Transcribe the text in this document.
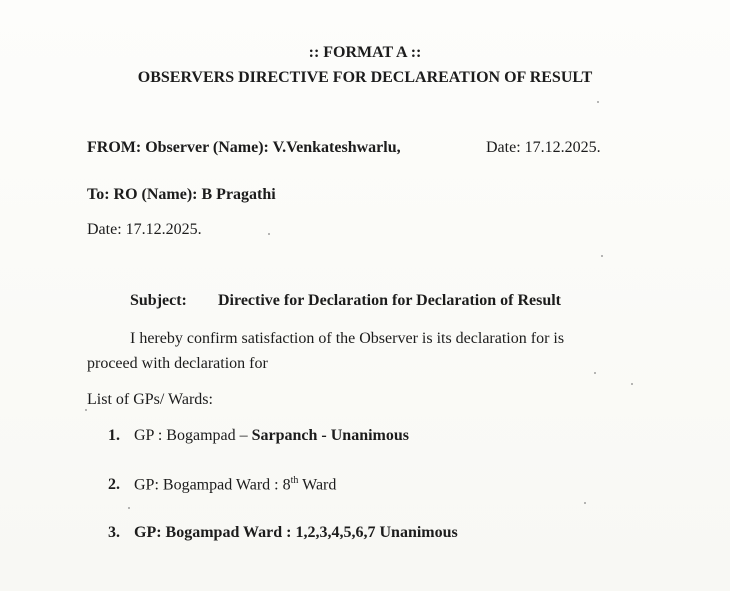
:: FORMAT A ::
OBSERVERS DIRECTIVE FOR DECLAREATION OF RESULT
FROM: Observer (Name): V.Venkateshwarlu,	Date: 17.12.2025.
To: RO (Name): B Pragathi
Date: 17.12.2025.
Subject: Directive for Declaration for Declaration of Result
I hereby confirm satisfaction of the Observer is its declaration for is
proceed with declaration for
List of GPs/ Wards:
1. GP : Bogampad – Sarpanch - Unanimous
2. GP: Bogampad Ward : 8th Ward
3. GP: Bogampad Ward : 1,2,3,4,5,6,7 Unanimous
